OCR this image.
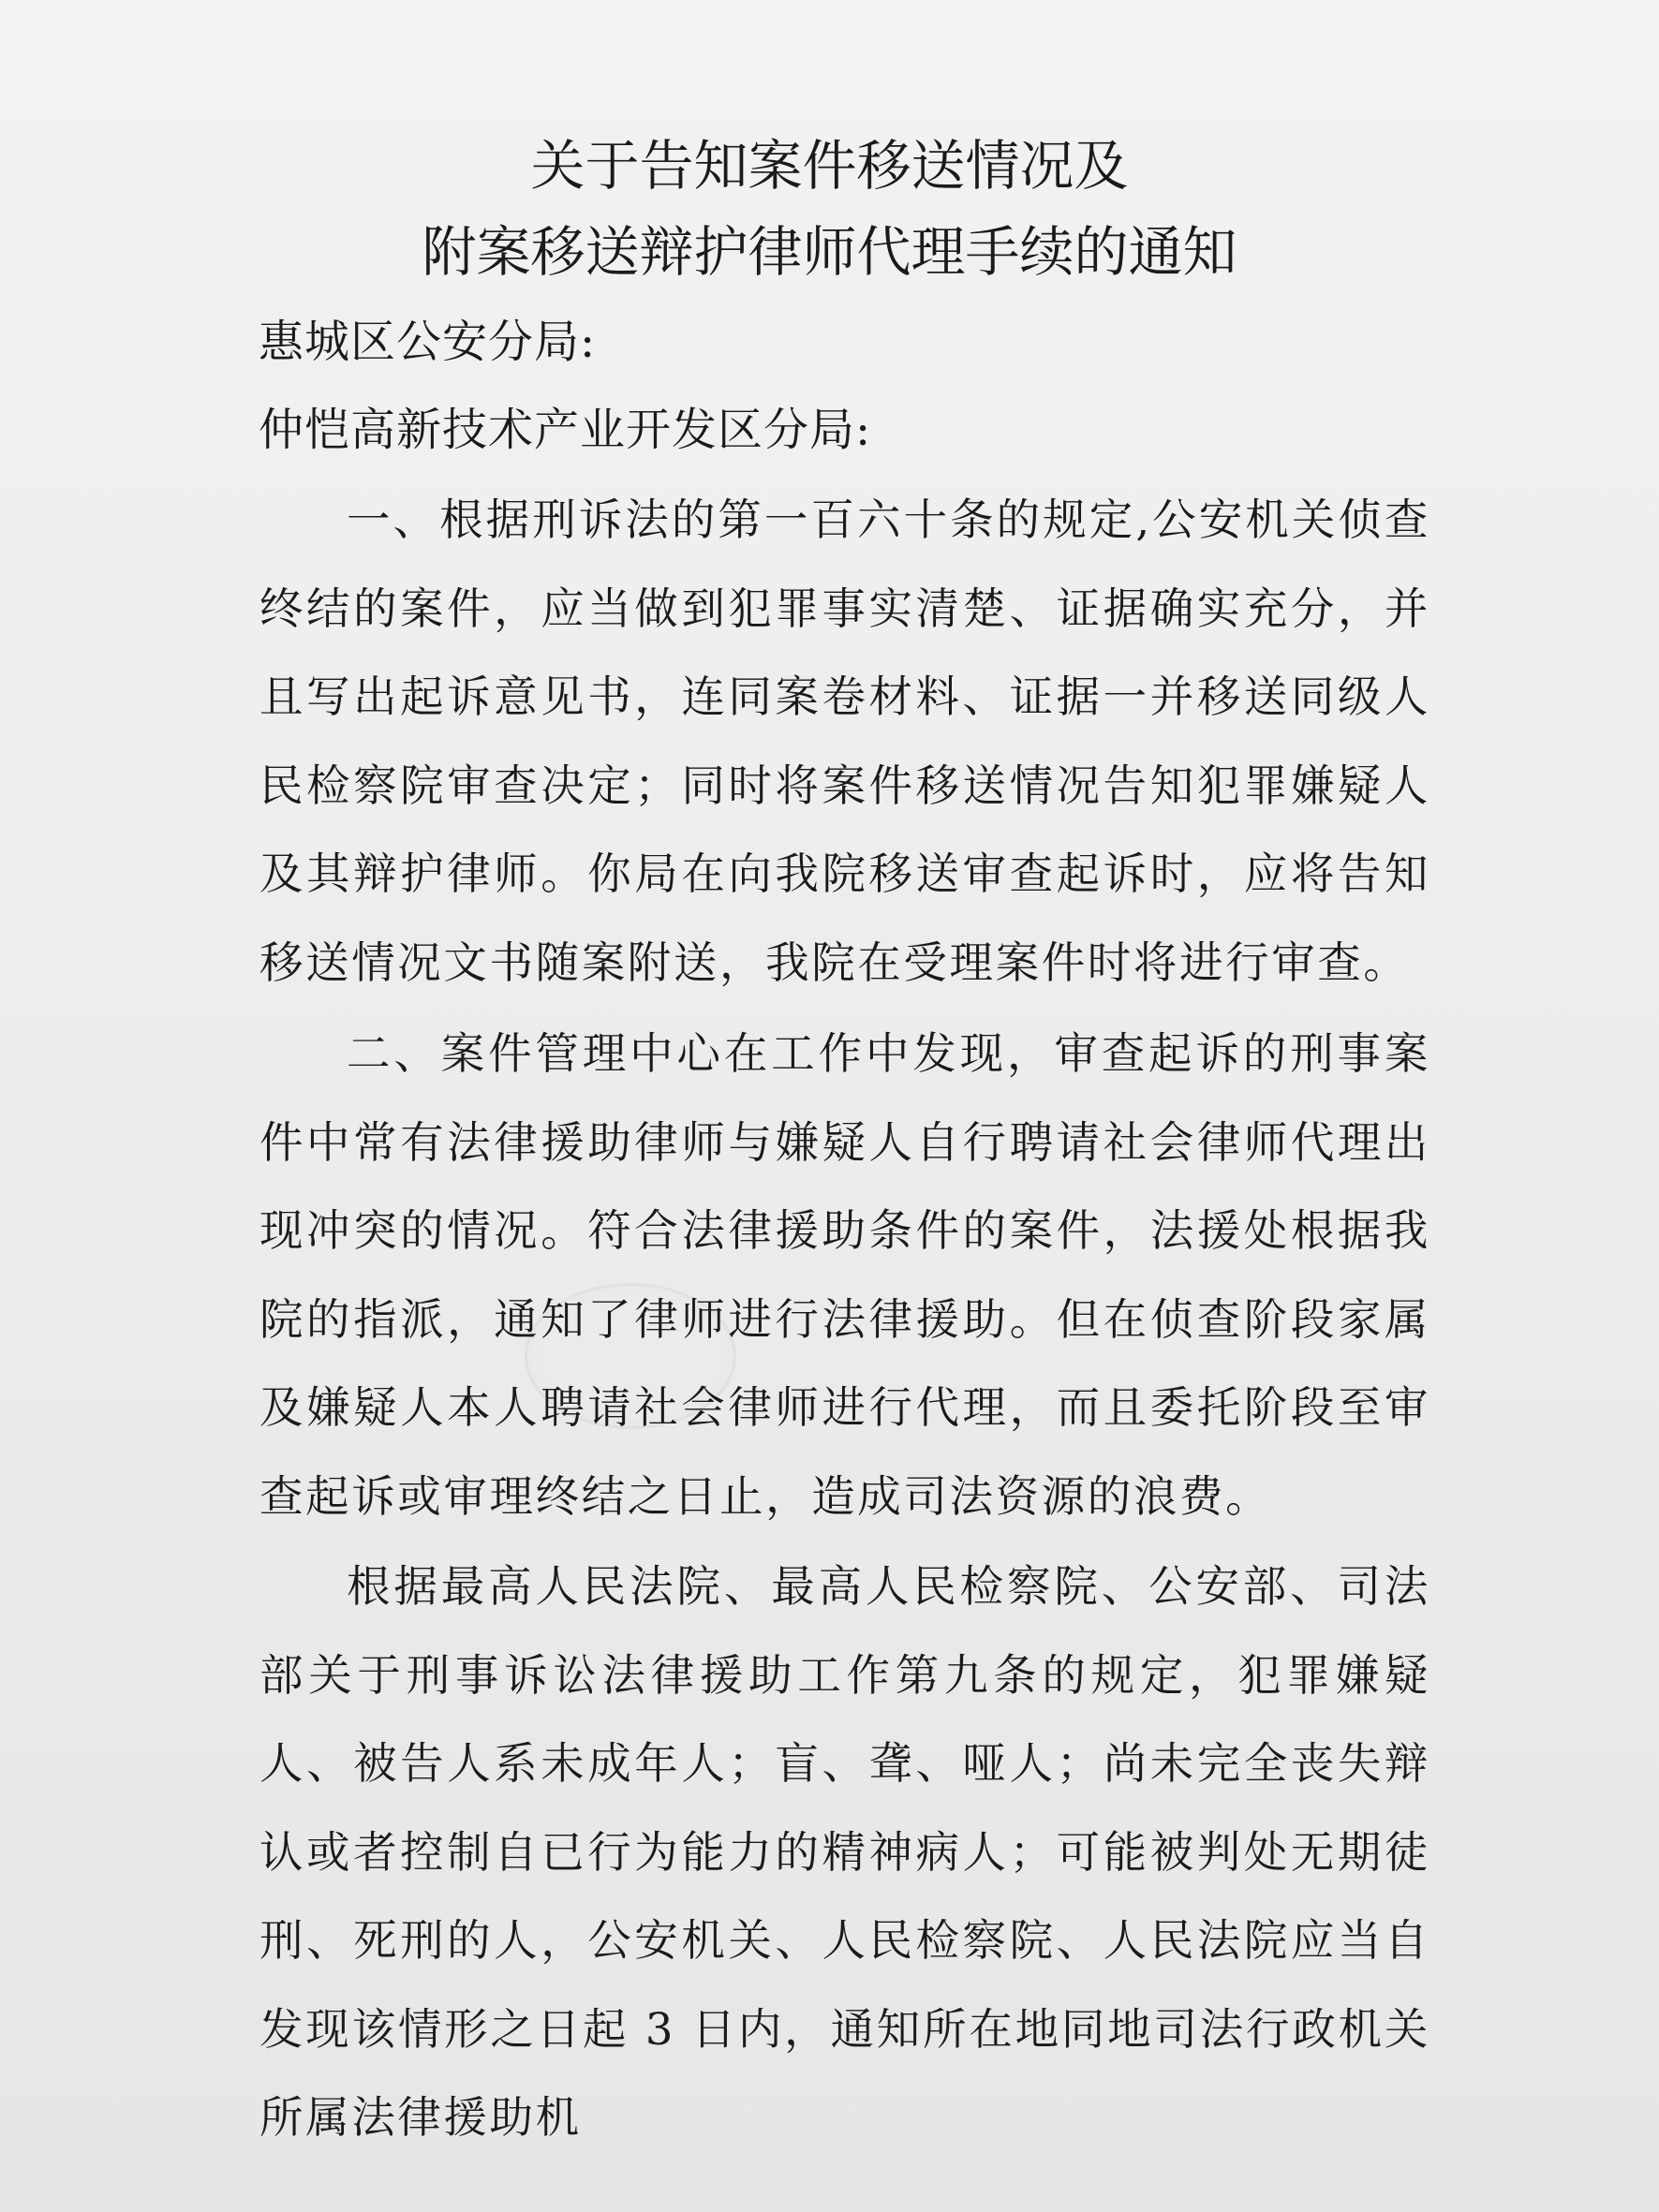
关于告知案件移送情况及
附案移送辩护律师代理手续的通知
惠城区公安分局:
仲恺高新技术产业开发区分局:

一、根据刑诉法的第一百六十条的规定,公安机关侦查终结的案件，应当做到犯罪事实清楚、证据确实充分，并且写出起诉意见书，连同案卷材料、证据一并移送同级人民检察院审查决定；同时将案件移送情况告知犯罪嫌疑人及其辩护律师。你局在向我院移送审查起诉时，应将告知移送情况文书随案附送，我院在受理案件时将进行审查。

二、案件管理中心在工作中发现，审查起诉的刑事案件中常有法律援助律师与嫌疑人自行聘请社会律师代理出现冲突的情况。符合法律援助条件的案件，法援处根据我院的指派，通知了律师进行法律援助。但在侦查阶段家属及嫌疑人本人聘请社会律师进行代理，而且委托阶段至审查起诉或审理终结之日止，造成司法资源的浪费。

根据最高人民法院、最高人民检察院、公安部、司法部关于刑事诉讼法律援助工作第九条的规定，犯罪嫌疑人、被告人系未成年人；盲、聋、哑人；尚未完全丧失辩认或者控制自已行为能力的精神病人；可能被判处无期徒刑、死刑的人，公安机关、人民检察院、人民法院应当自发现该情形之日起 3 日内，通知所在地同地司法行政机关所属法律援助机
